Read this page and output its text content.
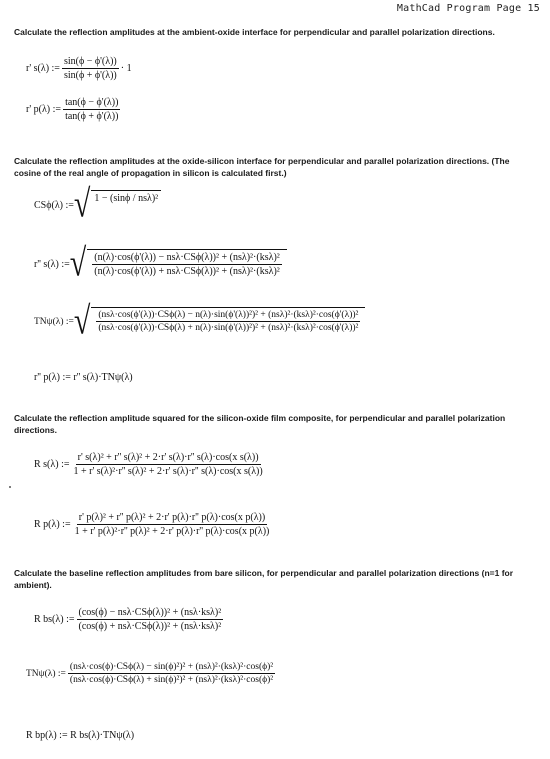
MathCad Program Page 15
Calculate the reflection amplitudes at the ambient-oxide interface for perpendicular and parallel polarization directions.
r' s(λ) := $\frac{\sin(\phi - \phi'(\lambda))}{\sin(\phi + \phi'(\lambda))} \cdot 1$
r' p(λ) := $\frac{\tan(\phi - \phi'(\lambda))}{\tan(\phi + \phi'(\lambda))}$
Calculate the reflection amplitudes at the oxide-silicon interface for perpendicular and parallel polarization directions. (The cosine of the real angle of propagation in silicon is calculated first.)
CSϕ(λ) := √ 1 − (sinϕ / nsλ)²
r'' s(λ) := √ $\frac{\text{(n(λ)·cos(ϕ'(λ)) − nsλ·CSϕ(λ))² + (nsλ)²·(ksλ)²}}{\text{(n(λ)·cos(ϕ'(λ)) + nsλ·CSϕ(λ))² + (nsλ)²·(ksλ)²}}$
TNψ(λ) := √ (nsλ·cos(ϕ'(λ))·CSϕ(λ) − n(λ)·sin(ϕ'(λ))²)² + (nsλ)²·(ksλ)²·cos(ϕ'(λ))²
(nsλ·cos(ϕ'(λ))·CSϕ(λ) + n(λ)·sin(ϕ'(λ))²)² + (nsλ)²·(ksλ)²·cos(ϕ'(λ))²
r'' p(λ) := r'' s(λ)·TNψ(λ)
Calculate the reflection amplitude squared for the silicon-oxide film composite, for perpendicular and parallel polarization directions.
R s(λ) := $\frac{\text{r' s(λ)² + r'' s(λ)² + 2·r' s(λ)·r'' s(λ)·cos(x s(λ))}}{\text{1 + r' s(λ)²·r'' s(λ)² + 2·r' s(λ)·r'' s(λ)·cos(x s(λ))}}$
R p(λ) := $\frac{\text{r' p(λ)² + r'' p(λ)² + 2·r' p(λ)·r'' p(λ)·cos(x p(λ))}}{\text{1 + r' p(λ)²·r'' p(λ)² + 2·r' p(λ)·r'' p(λ)·cos(x p(λ))}}$
Calculate the baseline reflection amplitudes from bare silicon, for perpendicular and parallel polarization directions (n=1 for ambient).
R bs(λ) := $\frac{\text{(cos(ϕ) − nsλ·CSϕ(λ))² + (nsλ·ksλ)²}}{\text{(cos(ϕ) + nsλ·CSϕ(λ))² + (nsλ·ksλ)²}}$
TNψ(λ) := $\frac{\text{(nsλ·cos(ϕ)·CSϕ(λ) − sin(ϕ)²)² + (nsλ)²·(ksλ)²·cos(ϕ)²}}{\text{(nsλ·cos(ϕ)·CSϕ(λ) + sin(ϕ)²)² + (nsλ)²·(ksλ)²·cos(ϕ)²}}$
R bp(λ) := R bs(λ)·TNψ(λ)
